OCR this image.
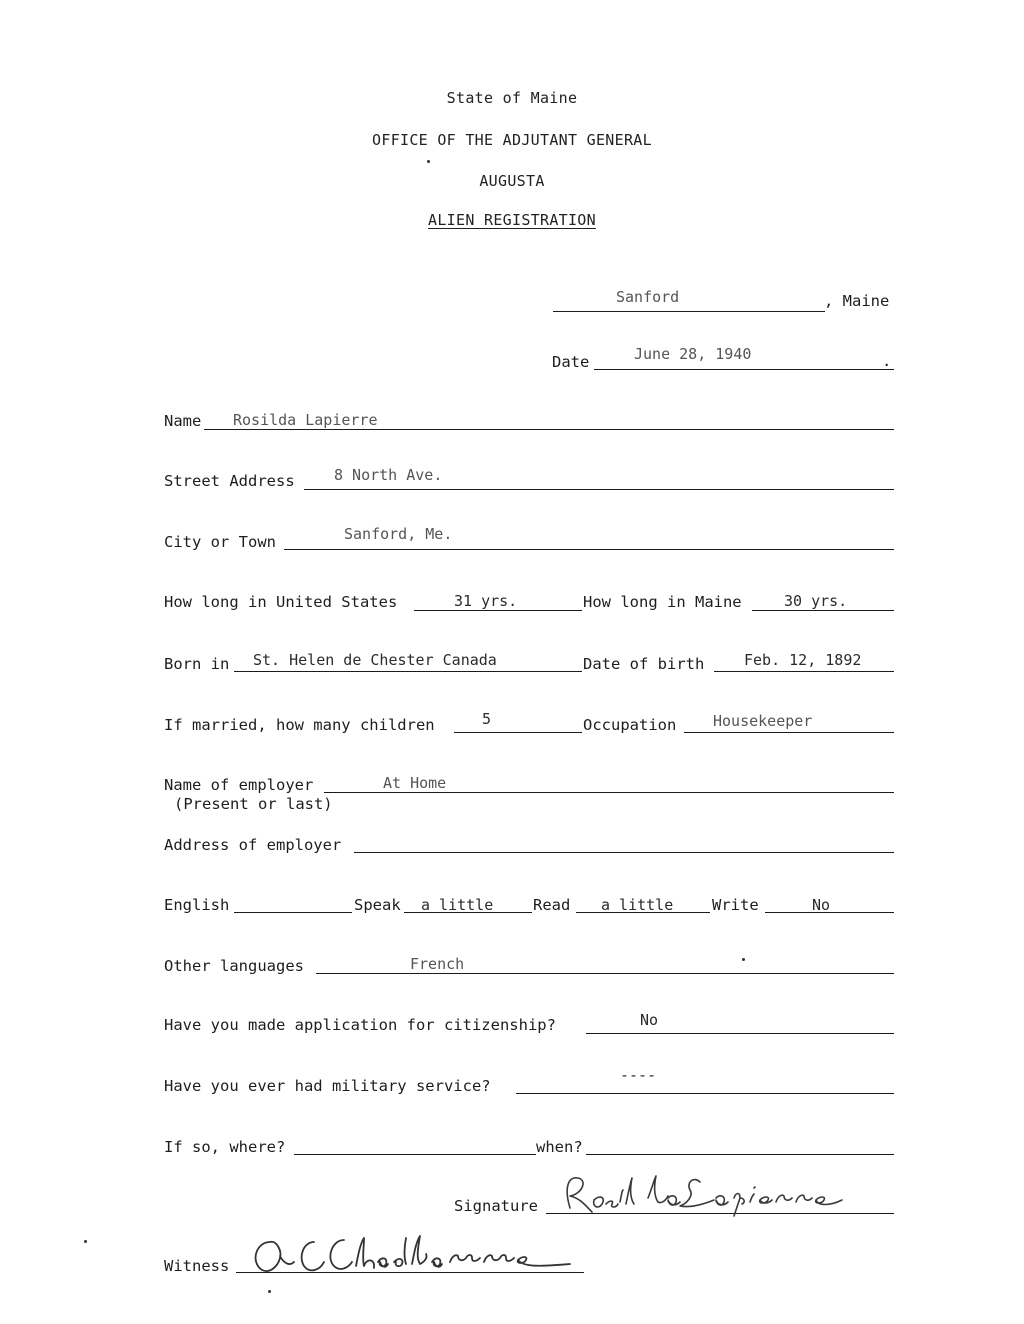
State of Maine
OFFICE OF THE ADJUTANT GENERAL
AUGUSTA
ALIEN REGISTRATION
Sanford	, Maine
Date	June 28, 1940	.
Name Rosilda Lapierre
Street Address	8 North Ave.
City or Town	Sanford, Me.
How long in United States	31 yrs.	How long in Maine	30 yrs.
Born in St. Helen de Chester Canada	Date of birth	Feb. 12, 1892
If married, how many children	5	Occupation Housekeeper
Name of employer
(Present or last)
At Home
Address of employer
English	Speak a little	Read a little	Write	No
Other languages	French
Have you made application for citizenship?	No
Have you ever had military service?
----
If so, where?	when?
Signature
Witness
